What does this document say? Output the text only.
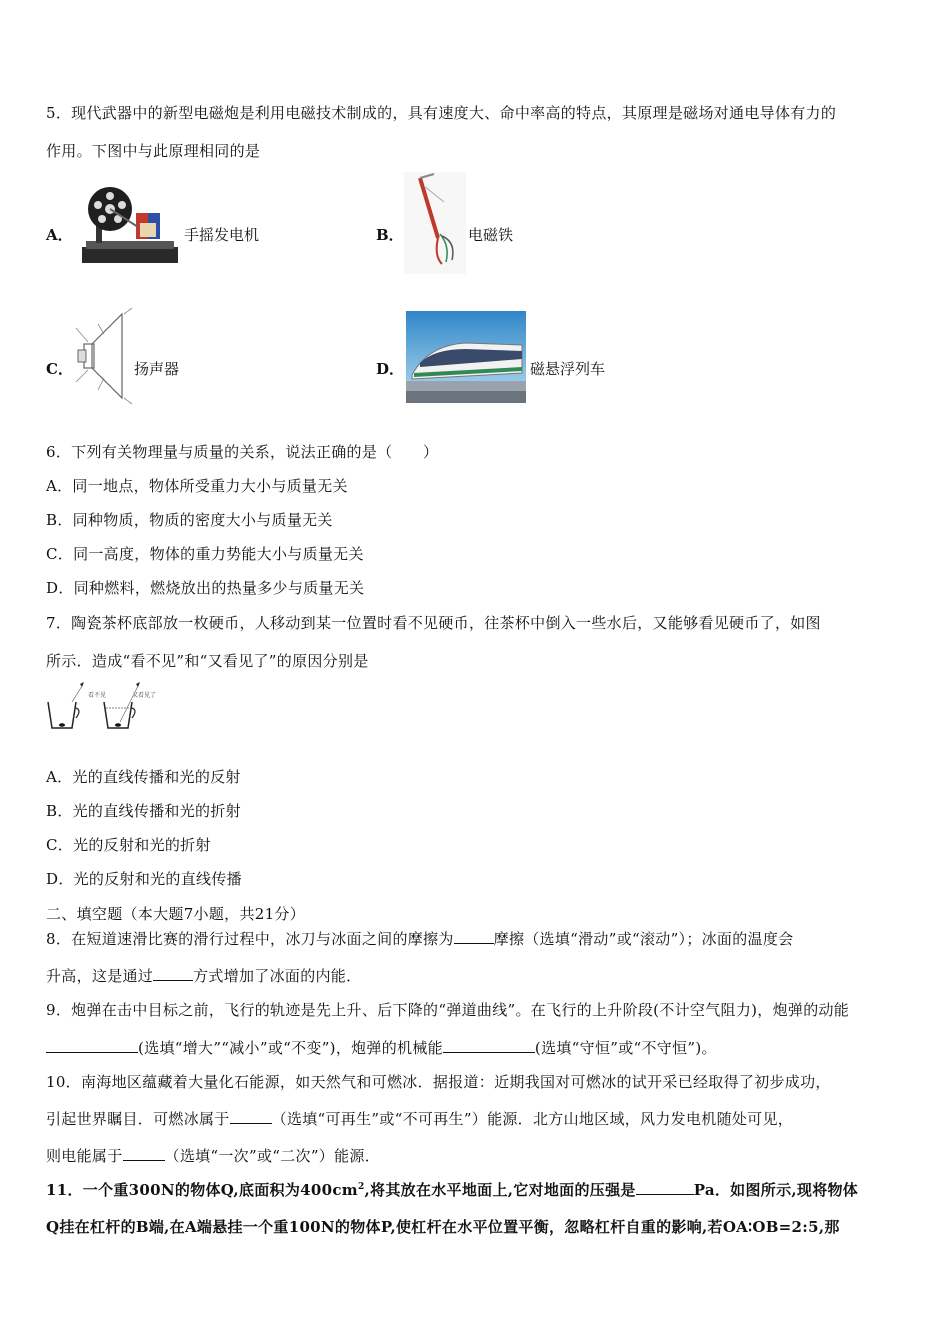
5．现代武器中的新型电磁炮是利用电磁技术制成的，具有速度大、命中率高的特点，其原理是磁场对通电导体有力的
作用。下图中与此原理相同的是
A．	手摇发电机	B．	电磁铁
C．	扬声器	D．	磁悬浮列车
6．下列有关物理量与质量的关系，说法正确的是（　　）
A．同一地点，物体所受重力大小与质量无关
B．同种物质，物质的密度大小与质量无关
C．同一高度，物体的重力势能大小与质量无关
D．同种燃料，燃烧放出的热量多少与质量无关
7．陶瓷茶杯底部放一枚硬币，人移动到某一位置时看不见硬币，往茶杯中倒入一些水后，又能够看见硬币了，如图
所示．造成“看不见”和“又看见了”的原因分别是
看不见	又看见了
A．光的直线传播和光的反射
B．光的直线传播和光的折射
C．光的反射和光的折射
D．光的反射和光的直线传播
二、填空题（本大题7小题，共21分）
8．在短道速滑比赛的滑行过程中，冰刀与冰面之间的摩擦为	摩擦（选填“滑动”或“滚动”）；冰面的温度会
升高，这是通过	方式增加了冰面的内能．
9．炮弹在击中目标之前，飞行的轨迹是先上升、后下降的“弹道曲线”。在飞行的上升阶段(不计空气阻力)，炮弹的动能
(选填“增大”“减小”或“不变”)，炮弹的机械能	(选填“守恒”或“不守恒”)。
10．南海地区蕴藏着大量化石能源，如天然气和可燃冰．据报道：近期我国对可燃冰的试开采已经取得了初步成功，
引起世界瞩目．可燃冰属于	（选填“可再生”或“不可再生”）能源．北方山地区域，风力发电机随处可见，
则电能属于	（选填“一次”或“二次”）能源．
11．一个重300N的物体Q,底面积为$400cm^2$,将其放在水平地面上,它对地面的压强是	Pa．如图所示,现将物体
Q挂在杠杆的B端,在A端悬挂一个重100N的物体P,使杠杆在水平位置平衡，忽略杠杆自重的影响,若OA∶OB=2:5,那
